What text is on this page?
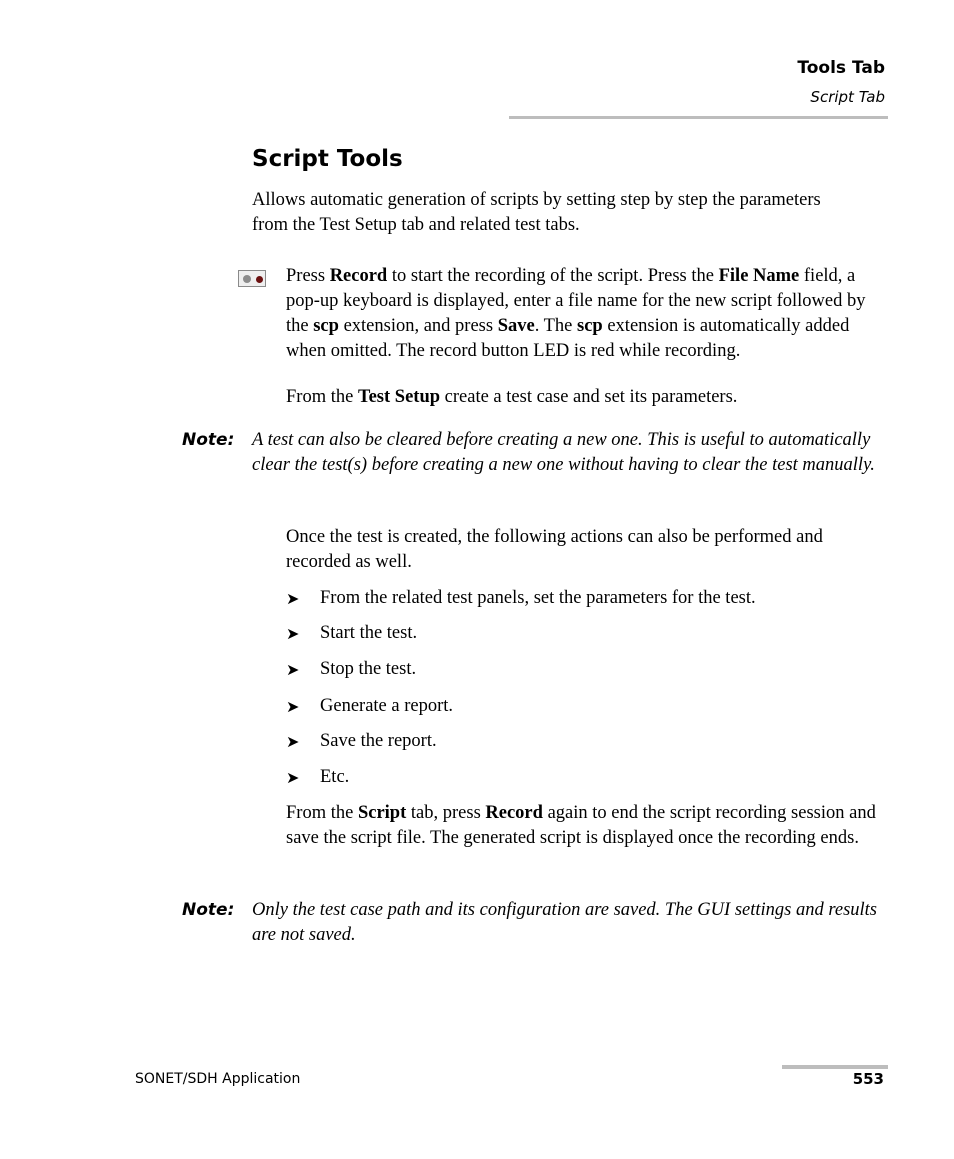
Tools Tab
Script Tab
Script Tools
Allows automatic generation of scripts by setting step by step the parameters from the Test Setup tab and related test tabs.
Press Record to start the recording of the script. Press the File Name field, a pop-up keyboard is displayed, enter a file name for the new script followed by the scp extension, and press Save. The scp extension is automatically added when omitted. The record button LED is red while recording.
From the Test Setup create a test case and set its parameters.
Note: A test can also be cleared before creating a new one. This is useful to automatically clear the test(s) before creating a new one without having to clear the test manually.
Once the test is created, the following actions can also be performed and recorded as well.
➤ From the related test panels, set the parameters for the test.
➤ Start the test.
➤ Stop the test.
➤ Generate a report.
➤ Save the report.
➤ Etc.
From the Script tab, press Record again to end the script recording session and save the script file. The generated script is displayed once the recording ends.
Note: Only the test case path and its configuration are saved. The GUI settings and results are not saved.
SONET/SDH Application	553
